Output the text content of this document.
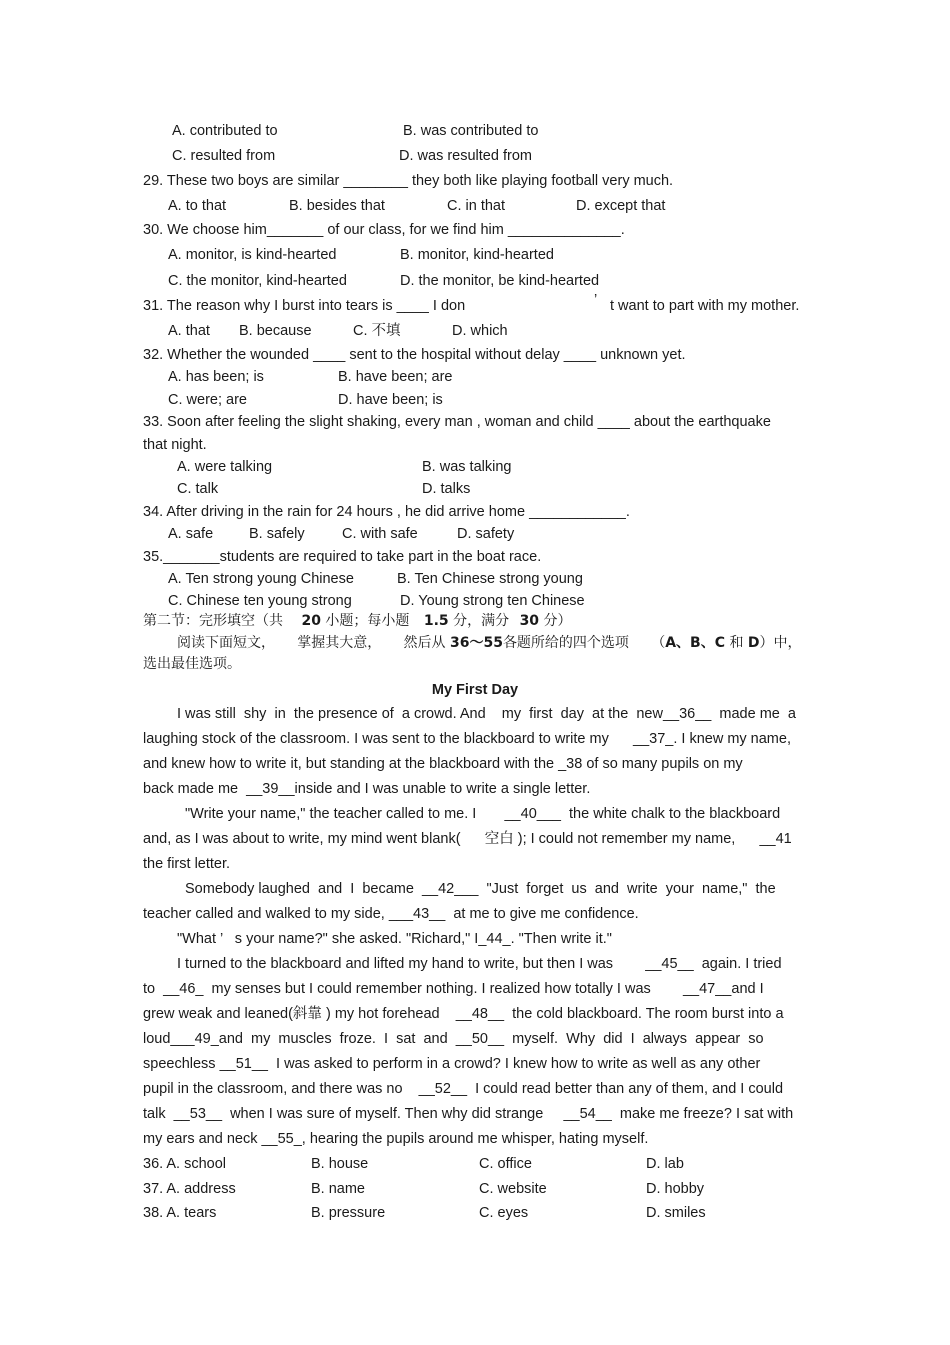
A. contributed to	B. was contributed to
C. resulted from	D. was resulted from
29. These two boys are similar ________ they both like playing football very much.
A. to that	B. besides that	C. in that	D. except that
30. We choose him_______ of our class, for we find him ______________.
A. monitor, is kind-hearted	B. monitor, kind-hearted
C. the monitor, kind-hearted	D. the monitor, be kind-hearted
31. The reason why I burst into tears is ____ I don	’ t want to part with my mother.
A. that B. because	C. 不填	D. which
32. Whether the wounded ____ sent to the hospital without delay ____ unknown yet.
A. has been; is	B. have been; are
C. were; are	D. have been; is
33. Soon after feeling the slight shaking, every man , woman and child ____ about the earthquake
that night.
A. were talking	B. was talking
C. talk	D. talks
34. After driving in the rain for 24 hours , he did arrive home ____________.
A. safe B. safely	C. with safe	D. safety
35._______students are required to take part in the boat race.
A. Ten strong young Chinese	B. Ten Chinese strong young
C. Chinese ten young strong	D. Young strong ten Chinese
第二节：完形填空（共 20 小题；每小题 1.5 分，满分 30 分）
阅读下面短文，     掌握其大意，     然后从 36～55各题所给的四个选项     （A、B、C 和 D）中，
选出最佳选项。
My First Day
I was still  shy  in  the presence of  a crowd. And    my  first  day  at the  new__36__  made me  a
laughing stock of the classroom. I was sent to the blackboard to write my      __37_. I knew my name,
and knew how to write it, but standing at the blackboard with the _38 of so many pupils on my
back made me  __39__inside and I was unable to write a single letter.
"Write your name," the teacher called to me. I       __40___  the white chalk to the blackboard
and, as I was about to write, my mind went blank(      空白 ); I could not remember my name,      __41
the first letter.
Somebody laughed  and  I  became  __42___  "Just  forget  us  and  write  your  name,"  the
teacher called and walked to my side, ___43__  at me to give me confidence.
"What ’   s your name?" she asked. "Richard," I_44_. "Then write it."
I turned to the blackboard and lifted my hand to write, but then I was        __45__  again. I tried
to  __46_  my senses but I could remember nothing. I realized how totally I was        __47__and I
grew weak and leaned(斜靠 ) my hot forehead    __48__  the cold blackboard. The room burst into a
loud___49_and  my  muscles  froze.  I  sat  and  __50__  myself.  Why  did  I  always  appear  so
speechless __51__  I was asked to perform in a crowd? I knew how to write as well as any other
pupil in the classroom, and there was no    __52__  I could read better than any of them, and I could
talk  __53__  when I was sure of myself. Then why did strange     __54__  make me freeze? I sat with
my ears and neck __55_, hearing the pupils around me whisper, hating myself.
36. A. school	B. house	C. office	D. lab
37. A. address	B. name	C. website	D. hobby
38. A. tears	B. pressure	C. eyes	D. smiles
